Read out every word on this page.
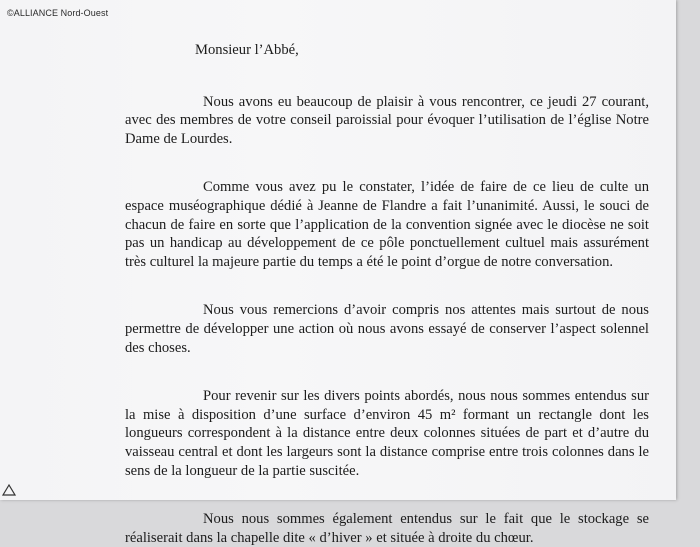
©ALLIANCE Nord-Ouest

Monsieur l’Abbé,

Nous avons eu beaucoup de plaisir à vous rencontrer, ce jeudi 27 courant, avec des membres de votre conseil paroissial pour évoquer l’utilisation de l’église Notre Dame de Lourdes.

Comme vous avez pu le constater, l’idée de faire de ce lieu de culte un espace muséographique dédié à Jeanne de Flandre a fait l’unanimité. Aussi, le souci de chacun de faire en sorte que l’application de la convention signée avec le diocèse ne soit pas un handicap au développement de ce pôle ponctuellement cultuel mais assurément très culturel la majeure partie du temps a été le point d’orgue de notre conversation.

Nous vous remercions d’avoir compris nos attentes mais surtout de nous permettre de développer une action où nous avons essayé de conserver l’aspect solennel des choses.

Pour revenir sur les divers points abordés, nous nous sommes entendus sur la mise à disposition d’une surface d’environ 45 m² formant un rectangle dont les longueurs correspondent à la distance entre deux colonnes situées de part et d’autre du vaisseau central et dont les largeurs sont la distance comprise entre trois colonnes dans le sens de la longueur de la partie suscitée.

Nous nous sommes également entendus sur le fait que le stockage se réaliserait dans la chapelle dite « d’hiver » et située à droite du chœur.
